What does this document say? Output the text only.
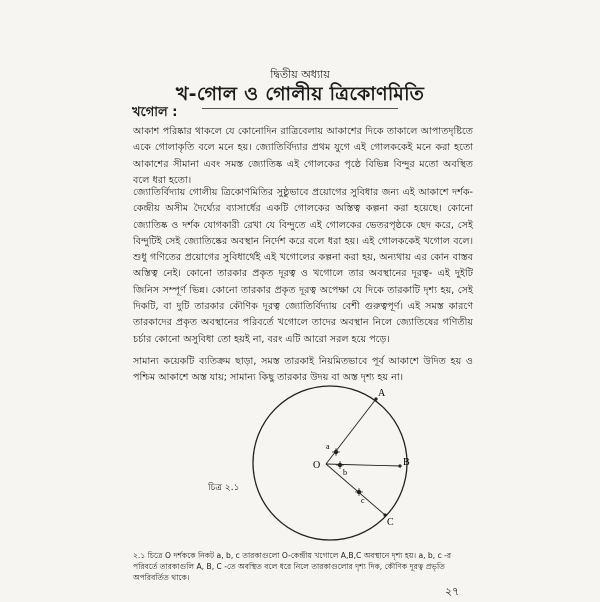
দ্বিতীয় অধ্যায়
খ-গোল ও গোলীয় ত্রিকোণমিতি
খগোল :

আকাশ পরিষ্কার থাকলে যে কোনোদিন রাত্রিবেলায় আকাশের দিকে তাকালে আপাতদৃষ্টিতে একে গোলাকৃতি বলে মনে হয়। জ্যোতির্বিদ্যার প্রথম যুগে এই গোলককেই মনে করা হতো আকাশের সীমানা এবং সমস্ত জ্যোতিষ্ক এই গোলকের পৃষ্ঠে বিভিন্ন বিন্দুর মতো অবস্থিত বলে ধরা হতো।

জ্যোতির্বিদ্যায় গোলীয় ত্রিকোণমিতির সুষ্ঠুভাবে প্রয়োগের সুবিধার জন্য এই আকাশে দর্শক- কেন্দ্রীয় অসীম দৈর্ঘ্যের ব্যাসার্ধের একটি গোলকের অস্তিত্ব কল্পনা করা হয়েছে। কোনো জ্যোতিষ্ক ও দর্শক যোগকারী রেখা যে বিন্দুতে এই গোলকের ভেতরপৃষ্ঠকে ছেদ করে, সেই বিন্দুটিই সেই জ্যোতিষ্কের অবস্থান নির্দেশ করে বলে ধরা হয়। এই গোলককেই খগোল বলে। শুধু গণিতের প্রয়োগের সুবিধার্থেই এই খগোলের কল্পনা করা হয়, অন্যথায় এর কোন বাস্তব অস্তিত্ব নেই। কোনো তারকার প্রকৃত দূরত্ব ও খগোলে তার অবস্থানের দূরত্ব- এই দুইটি জিনিস সম্পূর্ণ ভিন্ন। কোনো তারকার প্রকৃত দূরত্ব অপেক্ষা যে দিকে তারকাটি দৃশ্য হয়, সেই দিকটি, বা দুটি তারকার কৌণিক দূরত্ব জ্যোতির্বিদ্যায় বেশী গুরুত্বপূর্ণ। এই সমস্ত কারণে তারকাদের প্রকৃত অবস্থানের পরিবর্তে খগোলে তাদের অবস্থান নিলে জ্যোতিষের গণিতীয় চর্চার কোনো অসুবিধা তো হয়ই না, বরং এটি আরো সরল হয়ে পড়ে।

সামান্য কয়েকটি ব্যতিক্রম ছাড়া, সমস্ত তারকাই নিয়মিতভাবে পূর্ব আকাশে উদিত হয় ও পশ্চিম আকাশে অস্ত যায়; সামান্য কিছু তারকার উদয় বা অস্ত দৃশ্য হয় না।

চিত্র ২.১
O
A
B
C
a
b
c

২.১ চিত্রে O দর্শককে নিকট a, b, c তারকাগুলো O-কেন্দ্রীয় খগোলে A,B,C অবস্থানে দৃশ্য হয়। a, b, c -র পরিবর্তে তারকাগুলি A, B, C -তে অবস্থিত বলে ধরে নিলে তারকাগুলোর দৃশ্য দিক, কৌণিক দূরত্ব প্রভৃতি অপরিবর্তিত থাকে।

২৭
